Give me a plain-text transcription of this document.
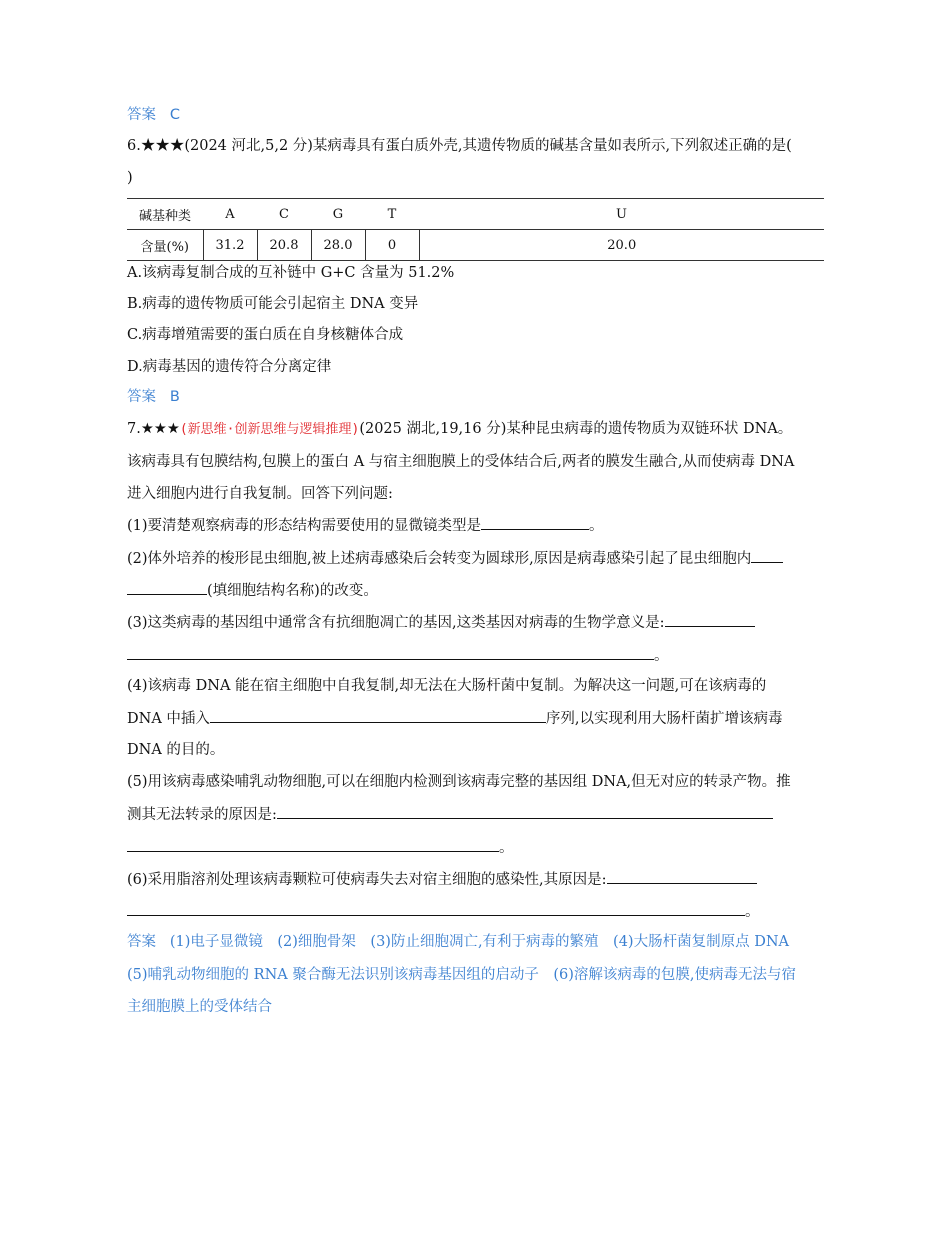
答案 C
6.★★★(2024 河北,5,2 分)某病毒具有蛋白质外壳,其遗传物质的碱基含量如表所示,下列叙述正确的是(
)
碱基种类	A	C	G	T	U
含量(%)	31.2	20.8	28.0	0	20.0
A.该病毒复制合成的互补链中 G+C 含量为 51.2%
B.病毒的遗传物质可能会引起宿主 DNA 变异
C.病毒增殖需要的蛋白质在自身核糖体合成
D.病毒基因的遗传符合分离定律
答案 B
7.★★★(新思维·创新思维与逻辑推理)(2025 湖北,19,16 分)某种昆虫病毒的遗传物质为双链环状 DNA。
该病毒具有包膜结构,包膜上的蛋白 A 与宿主细胞膜上的受体结合后,两者的膜发生融合,从而使病毒 DNA
进入细胞内进行自我复制。回答下列问题:
(1)要清楚观察病毒的形态结构需要使用的显微镜类型是	。
(2)体外培养的梭形昆虫细胞,被上述病毒感染后会转变为圆球形,原因是病毒感染引起了昆虫细胞内
(填细胞结构名称)的改变。
(3)这类病毒的基因组中通常含有抗细胞凋亡的基因,这类基因对病毒的生物学意义是:
。
(4)该病毒 DNA 能在宿主细胞中自我复制,却无法在大肠杆菌中复制。为解决这一问题,可在该病毒的
DNA 中插入	序列,以实现利用大肠杆菌扩增该病毒
DNA 的目的。
(5)用该病毒感染哺乳动物细胞,可以在细胞内检测到该病毒完整的基因组 DNA,但无对应的转录产物。推
测其无法转录的原因是:
。
(6)采用脂溶剂处理该病毒颗粒可使病毒失去对宿主细胞的感染性,其原因是:
。
答案 (1)电子显微镜　(2)细胞骨架　(3)防止细胞凋亡,有利于病毒的繁殖　(4)大肠杆菌复制原点 DNA
(5)哺乳动物细胞的 RNA 聚合酶无法识别该病毒基因组的启动子　(6)溶解该病毒的包膜,使病毒无法与宿
主细胞膜上的受体结合
